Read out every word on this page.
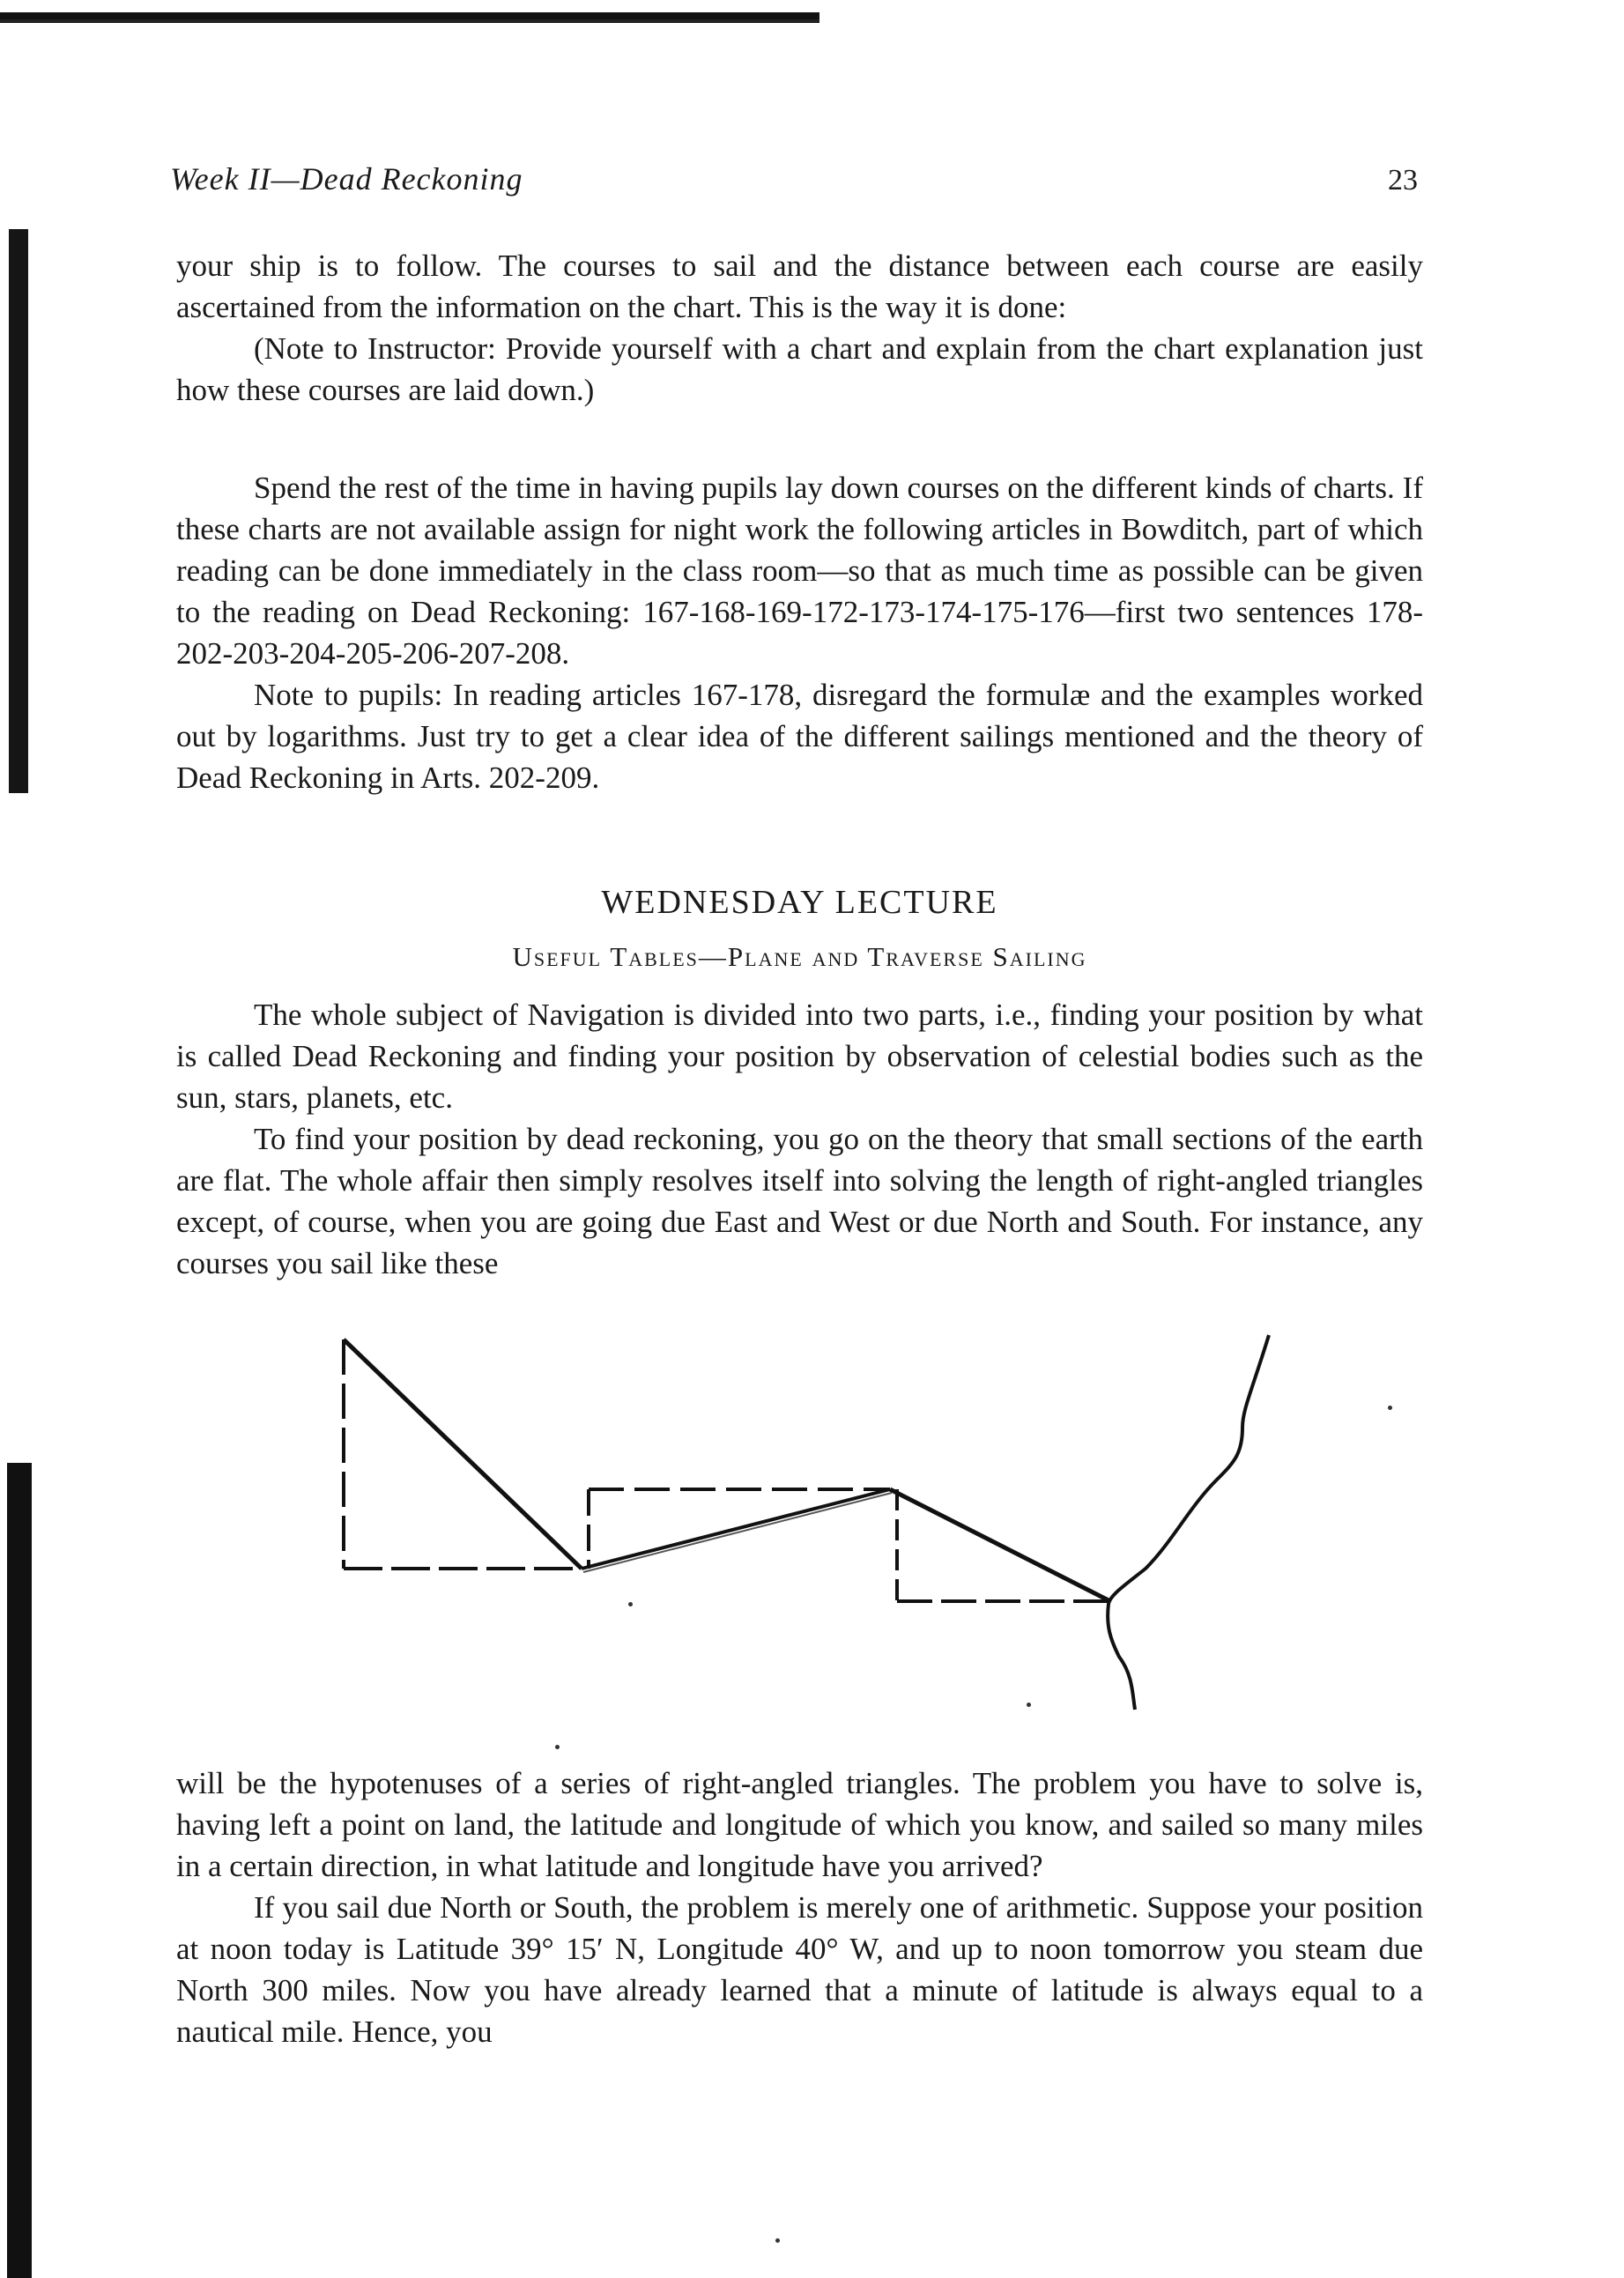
Week II—Dead Reckoning	23

your ship is to follow. The courses to sail and the distance between each course are easily ascertained from the information on the chart. This is the way it is done:

(Note to Instructor: Provide yourself with a chart and explain from the chart explanation just how these courses are laid down.)

Spend the rest of the time in having pupils lay down courses on the different kinds of charts. If these charts are not available assign for night work the following articles in Bowditch, part of which reading can be done immediately in the class room—so that as much time as possible can be given to the reading on Dead Reckoning: 167-168-169-172-173-174-175-176—first two sentences 178-202-203-204-205-206-207-208.

Note to pupils: In reading articles 167-178, disregard the formulæ and the examples worked out by logarithms. Just try to get a clear idea of the different sailings mentioned and the theory of Dead Reckoning in Arts. 202-209.

WEDNESDAY LECTURE
Useful Tables—Plane and Traverse Sailing

The whole subject of Navigation is divided into two parts, i.e., finding your position by what is called Dead Reckoning and finding your position by observation of celestial bodies such as the sun, stars, planets, etc.

To find your position by dead reckoning, you go on the theory that small sections of the earth are flat. The whole affair then simply resolves itself into solving the length of right-angled triangles except, of course, when you are going due East and West or due North and South. For instance, any courses you sail like these

will be the hypotenuses of a series of right-angled triangles. The problem you have to solve is, having left a point on land, the latitude and longitude of which you know, and sailed so many miles in a certain direction, in what latitude and longitude have you arrived?

If you sail due North or South, the problem is merely one of arithmetic. Suppose your position at noon today is Latitude 39° 15′ N, Longitude 40° W, and up to noon tomorrow you steam due North 300 miles. Now you have already learned that a minute of latitude is always equal to a nautical mile. Hence, you
